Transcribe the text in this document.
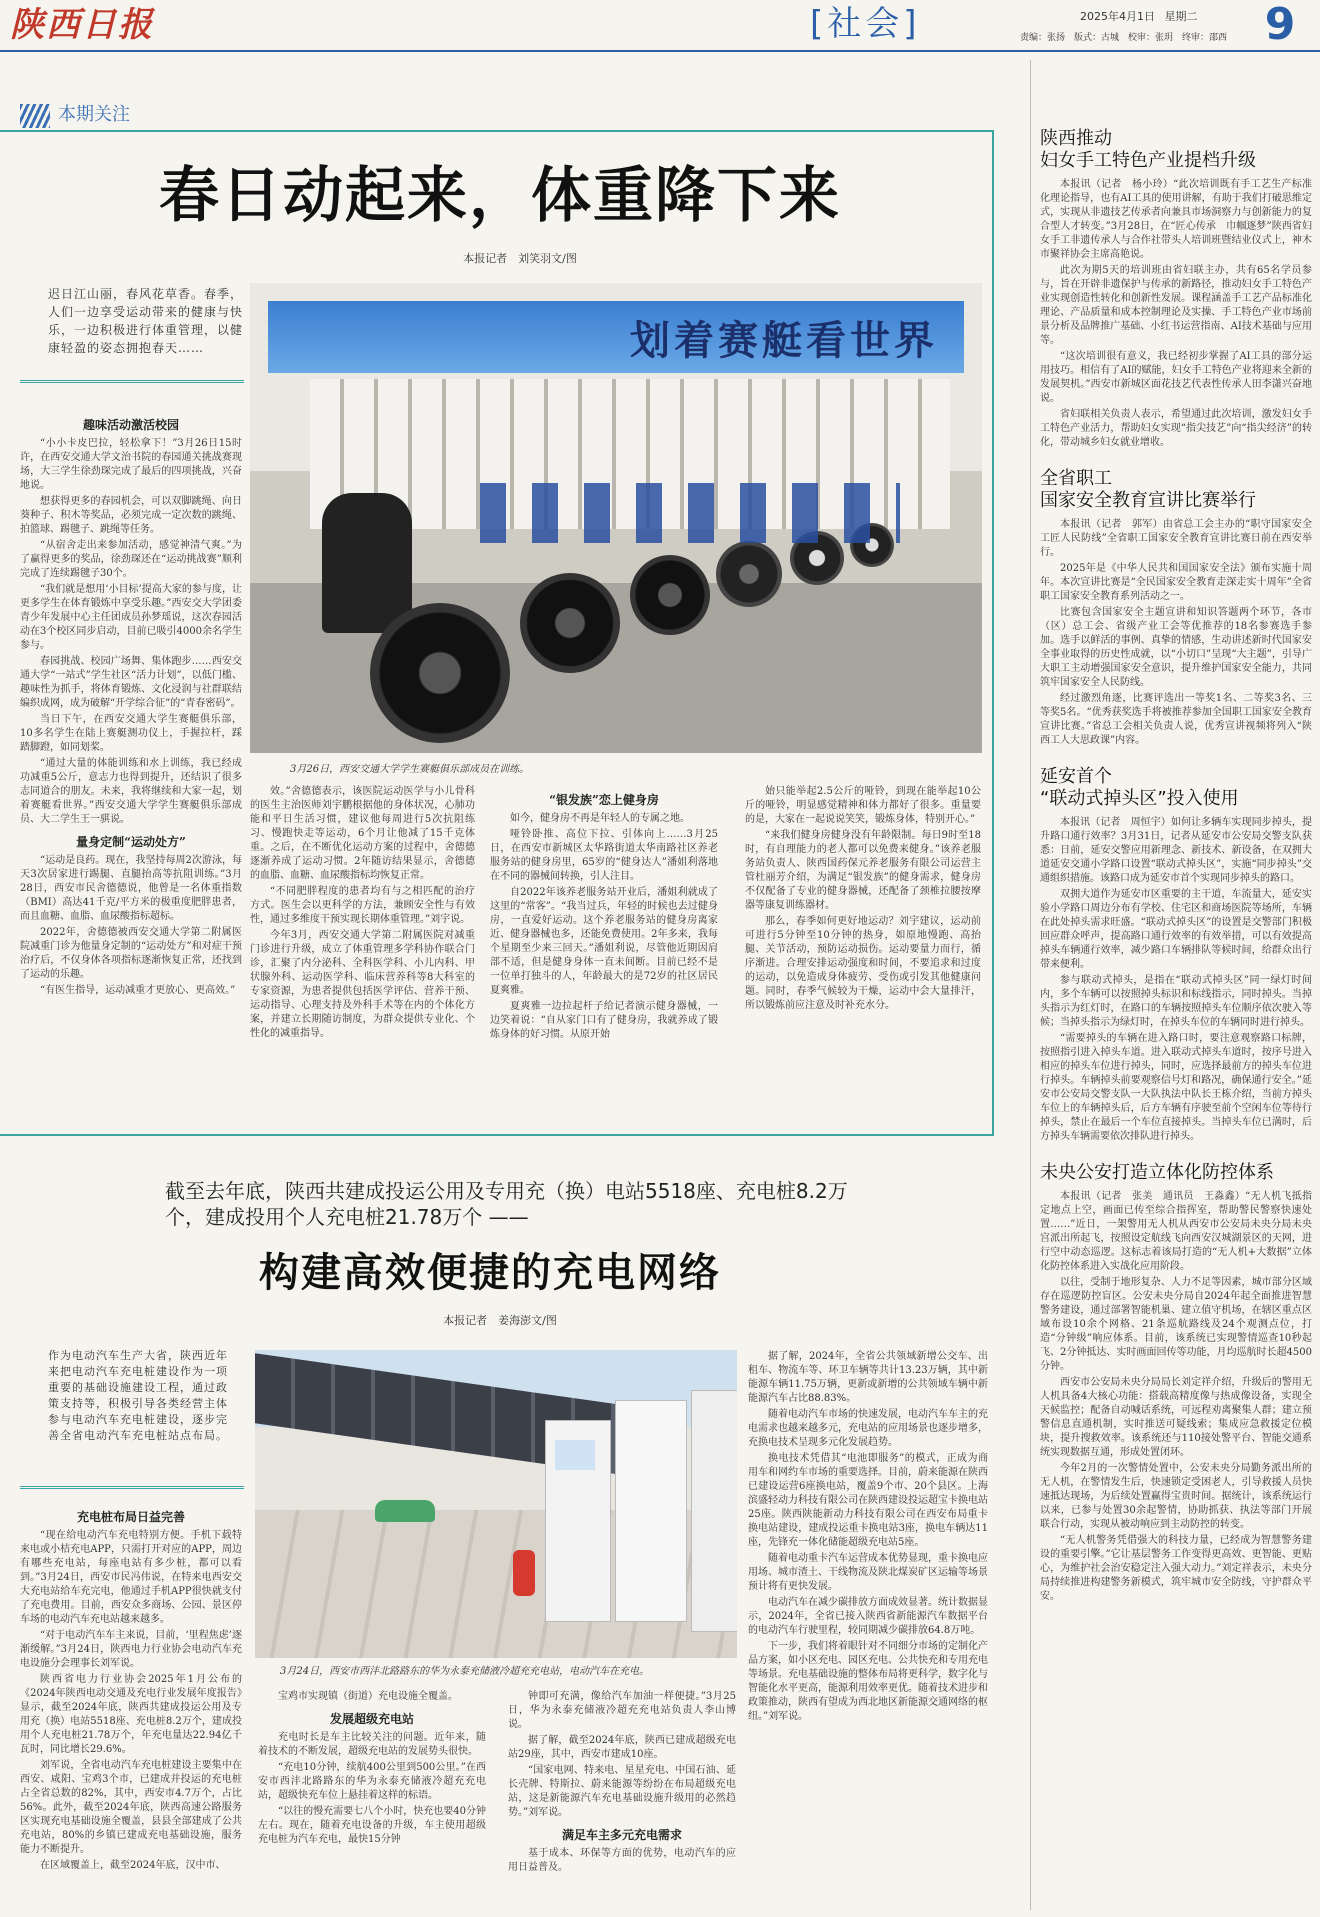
陕西日报	[社会]	2025年4月1日 星期二
责编：张扬　版式：古城　校审：张玥　终审：邵西 9
本期关注
春日动起来，体重降下来
本报记者　刘笑羽文/图

迟日江山丽，春风花草香。春季，人们一边享受运动带来的健康与快乐，一边积极进行体重管理，以健康轻盈的姿态拥抱春天……	划着赛艇看世界
3月26日，西安交通大学学生赛艇俱乐部成员在训练。
趣味活动激活校园

“小小卡皮巴拉，轻松拿下！”3月26日15时许，在西安交通大学文治书院的春园通关挑战赛现场，大三学生徐劲琛完成了最后的四项挑战，兴奋地说。

想获得更多的春园机会，可以双脚跳绳、向日葵种子、积木等奖品，必须完成一定次数的跳绳、拍篮球、踢毽子、跳绳等任务。

“从宿舍走出来参加活动，感觉神清气爽。”为了赢得更多的奖品，徐劲琛还在“运动挑战赛”顺利完成了连续踢毽子30个。

“我们就是想用‘小目标’提高大家的参与度，让更多学生在体育锻炼中享受乐趣。”西安交大学团委青少年发展中心主任团成员孙梦瑶说，这次春园活动在3个校区同步启动，目前已吸引4000余名学生参与。

春园挑战、校园广场舞、集体跑步……西安交通大学“一站式”学生社区“活力计划”，以低门槛、趣味性为抓手，将体育锻炼、文化浸润与社群联结编织成网，成为破解“开学综合征”的“青春密码”。

当日下午，在西安交通大学生赛艇俱乐部，10多名学生在陆上赛艇测功仪上，手握拉杆，踩踏脚蹬，如同划桨。

“通过大量的体能训练和水上训练，我已经成功减重5公斤，意志力也得到提升，还结识了很多志同道合的朋友。未来，我将继续和大家一起，划着赛艇看世界。”西安交通大学学生赛艇俱乐部成员、大二学生王一骐说。

量身定制“运动处方”

“运动是良药。现在，我坚持每周2次游泳，每天3次居家进行踢腿、直腿抬高等抗阻训练。”3月28日，西安市民舍德德说，他曾是一名体重指数（BMI）高达41千克/平方米的极重度肥胖患者，而且血糖、血脂、血尿酸指标超标。

2022年，舍德德被西安交通大学第二附属医院减重门诊为他量身定制的“运动处方”和对症干预治疗后，不仅身体各项指标逐渐恢复正常，还找到了运动的乐趣。

“有医生指导，运动减重才更放心、更高效。”

效。”舍德德表示，该医院运动医学与小儿骨科的医生主治医师刘宇鹏根据他的身体状况，心肺功能和平日生活习惯，建议他每周进行5次抗阻练习、慢跑快走等运动，6个月让他减了15千克体重。之后，在不断优化运动方案的过程中，舍德德逐渐养成了运动习惯。2年随访结果显示，舍德德的血脂、血糖、血尿酸指标均恢复正常。

“不同肥胖程度的患者均有与之相匹配的治疗方式。医生会以更科学的方法，兼顾安全性与有效性，通过多维度干预实现长期体重管理。”刘宇说。

今年3月，西安交通大学第二附属医院对减重门诊进行升级，成立了体重管理多学科协作联合门诊，汇聚了内分泌科、全科医学科、小儿内科、甲状腺外科、运动医学科、临床营养科等8大科室的专家资源，为患者提供包括医学评估、营养干预、运动指导、心理支持及外科手术等在内的个体化方案，并建立长期随访制度，为群众提供专业化、个性化的减重指导。

“银发族”恋上健身房

如今，健身房不再是年轻人的专属之地。

哑铃卧推、高位下拉、引体向上……3月25日，在西安市新城区太华路街道太华南路社区养老服务站的健身房里，65岁的“健身达人”潘姐利落地在不同的器械间转换，引人注目。

自2022年该养老服务站开业后，潘姐利就成了这里的“常客”。“我当过兵，年轻的时候也去过健身房，一直爱好运动。这个养老服务站的健身房离家近、健身器械也多，还能免费使用。2年多来，我每个星期至少来三回天。”潘姐利说，尽管他近期因肩部不适，但是健身身体一直未间断。目前已经不是一位单打独斗的人，年龄最大的是72岁的社区居民夏爽雅。

夏爽雅一边拉起杆子给记者演示健身器械，一边笑着说：“自从家门口有了健身房，我就养成了锻炼身体的好习惯。从原开始

始只能举起2.5公斤的哑铃，到现在能举起10公斤的哑铃，明显感觉精神和体力都好了很多。重量要的是，大家在一起说说笑笑，锻炼身体，特别开心。”

“来我们健身房健身没有年龄限制。每日9时至18时，有自理能力的老人都可以免费来健身。”该养老服务站负责人、陕西国药保元养老服务有限公司运营主管杜丽芳介绍，为满足“银发族”的健身需求，健身房不仅配备了专业的健身器械，还配备了颈椎拉腰按摩器等康复训练器材。

那么，春季如何更好地运动？刘宇建议，运动前可进行5分钟至10分钟的热身，如原地慢跑、高抬腿、关节活动，预防运动损伤。运动要量力而行，循序渐进。合理安排运动强度和时间，不要追求和过度的运动，以免造成身体疲劳、受伤或引发其他健康问题。同时，春季气候较为干燥，运动中会大量排汗，所以锻炼前应注意及时补充水分。

截至去年底，陕西共建成投运公用及专用充（换）电站5518座、充电桩8.2万个，建成投用个人充电桩21.78万个 ——
构建高效便捷的充电网络
本报记者　姜海澎文/图

作为电动汽车生产大省，陕西近年来把电动汽车充电桩建设作为一项重要的基础设施建设工程，通过政策支持等，积极引导各类经营主体参与电动汽车充电桩建设，逐步完善全省电动汽车充电桩站点布局。

3月24日，西安市西沣北路路东的华为永泰充储液冷超充充电站，电动汽车在充电。
充电桩布局日益完善

“现在给电动汽车充电特别方便。手机下载特来电或小桔充电APP，只需打开对应的APP，周边有哪些充电站，每座电站有多少桩，都可以看到。”3月24日，西安市民冯伟说，在特来电西安交大充电站给车充完电，他通过手机APP很快就支付了充电费用。目前，西安众多商场、公园、景区停车场的电动汽车充电站越来越多。

“对于电动汽车车主来说，目前，‘里程焦虑’逐渐缓解。”3月24日，陕西电力行业协会电动汽车充电设施分会理事长刘军说。

陕西省电力行业协会2025年1月公布的《2024年陕西电动交通及充电行业发展年度报告》显示，截至2024年底，陕西共建成投运公用及专用充（换）电站5518座、充电桩8.2万个，建成投用个人充电桩21.78万个，年充电量达22.94亿千瓦时，同比增长29.6%。

刘军说，全省电动汽车充电桩建设主要集中在西安、咸阳、宝鸡3个市，已建成并投运的充电桩占全省总数的82%，其中，西安市4.7万个，占比56%。此外，截至2024年底，陕西高速公路服务区实现充电基础设施全覆盖，县县全部建成了公共充电站，80%的乡镇已建成充电基础设施，服务能力不断提升。

在区域覆盖上，截至2024年底，汉中市、

宝鸡市实现镇（街道）充电设施全覆盖。

发展超级充电站

充电时长是车主比较关注的问题。近年来，随着技术的不断发展，超级充电站的发展势头很快。

“充电10分钟，续航400公里到500公里。”在西安市西沣北路路东的华为永泰充储液冷超充充电站，超级快充车位上悬挂着这样的标语。

“以往的慢充需要七八个小时，快充也要40分钟左右。现在，随着充电设备的升级，车主使用超级充电桩为汽车充电，最快15分钟

钟即可充满，像给汽车加油一样便捷。”3月25日，华为永泰充储液冷超充充电站负责人李山博说。

据了解，截至2024年底，陕西已建成超级充电站29座，其中，西安市建成10座。

“国家电网、特来电、星星充电、中国石油、延长壳牌、特斯拉、蔚来能源等纷纷在布局超级充电站，这是新能源汽车充电基础设施升级用的必然趋势。”刘军说。

满足车主多元充电需求

基于成本、环保等方面的优势，电动汽车的应用日益普及。

据了解，2024年，全省公共领域新增公交车、出租车、物流车等、环卫车辆等共计13.23万辆，其中新能源车辆11.75万辆，更新或新增的公共领域车辆中新能源汽车占比88.83%。

随着电动汽车市场的快速发展，电动汽车车主的充电需求也越来越多元，充电站的应用场景也逐步增多，充换电技术呈现多元化发展趋势。

换电技术凭借其“电池即服务”的模式，正成为商用车和网约车市场的重要选择。目前，蔚来能源在陕西已建设运营6座换电站，覆盖9个市、20个县区。上海滨盛轻动力科技有限公司在陕西建设投运超宝卡换电站25座。陕西陕能新动力科技有限公司在西安布局重卡换电站建设，建成投运重卡换电站3座，换电车辆达11座，先锋充一体化储能超级充电站5座。

随着电动重卡汽车运营成本优势显现，重卡换电应用场、城市渣土、干线物流及陕北煤炭矿区运输等场景预计将有更快发展。

电动汽车在减少碳排放方面成效显著。统计数据显示，2024年，全省已接入陕西省新能源汽车数据平台的电动汽车行驶里程，较同期减少碳排放64.8万吨。

下一步，我们将着眼针对不同细分市场的定制化产品方案，如小区充电、园区充电、公共快充和专用充电等场景。充电基础设施的整体布局将更科学，数字化与智能化水平更高，能源利用效率更优。随着技术进步和政策推动，陕西有望成为西北地区新能源交通网络的枢纽。”刘军说。

陕西推动

妇女手工特色产业提档升级

本报讯（记者　杨小玲）“此次培训既有手工艺生产标准化理论指导，也有AI工具的使用讲解，有助于我们打破思维定式，实现从非遗技艺传承者向兼具市场洞察力与创新能力的复合型人才转变。”3月28日，在“匠心传承　巾帼逐梦”陕西省妇女手工非遗传承人与合作社带头人培训班暨结业仪式上，神木市聚祥协会主席高艳说。

此次为期5天的培训班由省妇联主办，共有65名学员参与，旨在开辟非遗保护与传承的新路径，推动妇女手工特色产业实现创造性转化和创新性发展。课程涵盖手工艺产品标准化理论、产品质量和成本控制理论及实操、手工特色产业市场前景分析及品牌推广基础、小红书运营指南、AI技术基础与应用等。

“这次培训很有意义，我已经初步掌握了AI工具的部分运用技巧。相信有了AI的赋能，妇女手工特色产业将迎来全新的发展契机。”西安市新城区面花技艺代表性传承人田李潇兴奋地说。

省妇联相关负责人表示，希望通过此次培训，激发妇女手工特色产业活力，帮助妇女实现“指尖技艺”向“指尖经济”的转化，带动城乡妇女就业增收。

全省职工

国家安全教育宣讲比赛举行

本报讯（记者　郭军）由省总工会主办的“职守国家安全　工匠人民防线”全省职工国家安全教育宣讲比赛日前在西安举行。

2025年是《中华人民共和国国家安全法》颁布实施十周年。本次宣讲比赛是“全民国家安全教育走深走实十周年”全省职工国家安全教育系列活动之一。

比赛包含国家安全主题宣讲和知识答题两个环节，各市（区）总工会、省级产业工会等优推荐的18名参赛选手参加。选手以鲜活的事例、真挚的情感，生动讲述新时代国家安全事业取得的历史性成就，以“小切口”呈现“大主题”，引导广大职工主动增强国家安全意识，提升维护国家安全能力，共同筑牢国家安全人民防线。

经过激烈角逐，比赛评选出一等奖1名、二等奖3名、三等奖5名。“优秀获奖选手将被推荐参加全国职工国家安全教育宣讲比赛。”省总工会相关负责人说，优秀宣讲视频将列入“陕西工人大思政课”内容。

延安首个

“联动式掉头区”投入使用

本报讯（记者　周恒宇）如何让多辆车实现同步掉头，提升路口通行效率？3月31日，记者从延安市公安局交警支队获悉：日前，延安交警应用新理念、新技术、新设备，在双拥大道延安交通小学路口设置“联动式掉头区”，实施“同步掉头”交通组织措施。该路口成为延安市首个实现同步掉头的路口。

双拥大道作为延安市区重要的主干道，车流量大，延安实验小学路口周边分布有学校、住宅区和商场医院等场所，车辆在此处掉头需求旺盛。“联动式掉头区”的设置是交警部门积极回应群众呼声，提高路口通行效率的有效举措，可以有效提高掉头车辆通行效率，减少路口车辆排队等候时间，给群众出行带来便利。

参与联动式掉头，是指在“联动式掉头区”同一绿灯时间内，多个车辆可以按照掉头标识和标线指示，同时掉头。当掉头指示为红灯时，在路口的车辆按照掉头车位顺序依次驶入等候；当掉头指示为绿灯时，在掉头车位的车辆同时进行掉头。

“需要掉头的车辆在进入路口时，要注意观察路口标牌，按照指引进入掉头车道。进入联动式掉头车道时，按序号进入相应的掉头车位进行掉头，同时，应选择最前方的掉头车位进行掉头。车辆掉头前要观察信号灯和路况，确保通行安全。”延安市公安局交警支队一大队执法中队长王栋介绍，当前方掉头车位上的车辆掉头后，后方车辆有序驶至前个空闲车位等待行掉头，禁止在最后一个车位直接掉头。当掉头车位已满时，后方掉头车辆需要依次排队进行掉头。

未央公安打造立体化防控体系

本报讯（记者　张美　通讯员　王淼鑫）“无人机飞抵指定地点上空，画面已传至综合指挥室，帮助警民警察快速处置……”近日，一架警用无人机从西安市公安局未央分局未央宫派出所起飞，按照设定航线飞向西安汉城湖景区的天网，进行空中动态巡逻。这标志着该局打造的“无人机+大数据”立体化防控体系进入实战化应用阶段。

以往，受制于地形复杂、人力不足等因素，城市部分区域存在巡逻防控盲区。公安未央分局自2024年起全面推进智慧警务建设，通过部署智能机巢、建立值守机场，在辖区重点区域布设10余个网格、21条巡航路线及24个观测点位，打造“分钟级”响应体系。目前，该系统已实现警情巡查10秒起飞、2分钟抵达、实时画面回传等功能，月均巡航时长超4500分钟。

西安市公安局未央分局局长刘定祥介绍，升级后的警用无人机具备4大核心功能：搭载高精度像与热成像设备，实现全天候监控；配备自动喊话系统，可远程劝离聚集人群；建立预警信息直通机制，实时推送可疑线索；集成应急救援定位模块，提升搜救效率。该系统还与110接处警平台、智能交通系统实现数据互通，形成处置闭环。

今年2月的一次警情处置中，公安未央分局勤务派出所的无人机，在警情发生后，快速锁定受困老人，引导救援人员快速抵达现场，为后续处置赢得宝贵时间。据统计，该系统运行以来，已参与处置30余起警情，协助抓获、执法等部门开展联合行动，实现从被动响应到主动防控的转变。

“无人机警务凭借强大的科技力量，已经成为智慧警务建设的重要引擎。”它让基层警务工作变得更高效、更智能、更贴心，为维护社会治安稳定注入强大动力。”刘定祥表示，未央分局持续推进构建警务新模式，筑牢城市安全防线，守护群众平安。
